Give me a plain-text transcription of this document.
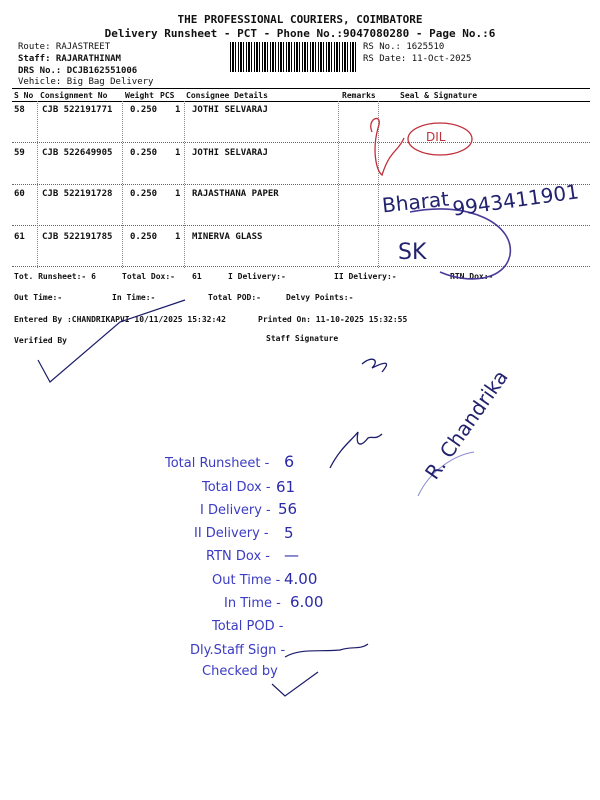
THE PROFESSIONAL COURIERS, COIMBATORE
Delivery Runsheet - PCT - Phone No.:9047080280 - Page No.:6
Route: RAJASTREET
Staff: RAJARATHINAM
DRS No.: DCJB162551006
Vehicle: Big Bag Delivery
RS No.: 1625510
RS Date: 11-Oct-2025
S No Consignment No Weight PCS Consignee Details	Remarks	Seal & Signature
58 CJB 522191771 0.250 1 JOTHI SELVARAJ
59 CJB 522649905 0.250 1 JOTHI SELVARAJ
60 CJB 522191728 0.250 1 RAJASTHANA PAPER
61 CJB 522191785 0.250 1 MINERVA GLASS
Tot. Runsheet:- 6	Total Dox:- 61	I Delivery:-	II Delivery:-	RTN Dox:-
Out Time:-	In Time:-	Total POD:-	Delvy Points:-
Entered By :CHANDRIKAPVI 10/11/2025 15:32:42	Printed On: 11-10-2025 15:32:55
Verified By	Staff Signature
DIL
Bharat 9943411901
SK
R. Chandrika
Total Runsheet - 6
Total Dox - 61
I Delivery - 56
II Delivery - 5
RTN Dox - —
Out Time - 4.00
In Time - 6.00
Total POD -
Dly.Staff Sign -
Checked by
